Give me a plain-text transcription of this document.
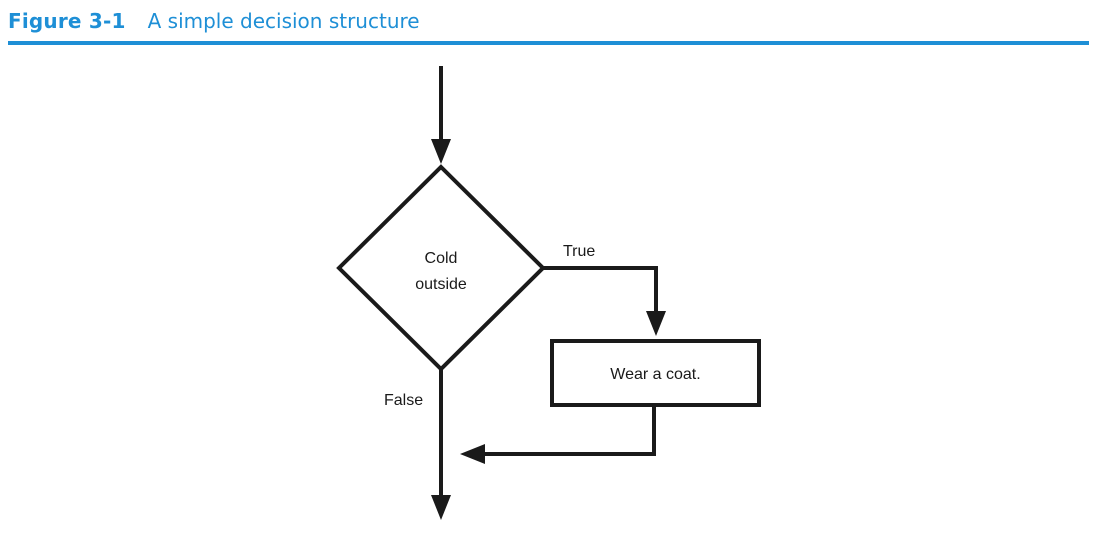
Figure 3-1 A simple decision structure
Cold
outside
True
Wear a coat.
False
